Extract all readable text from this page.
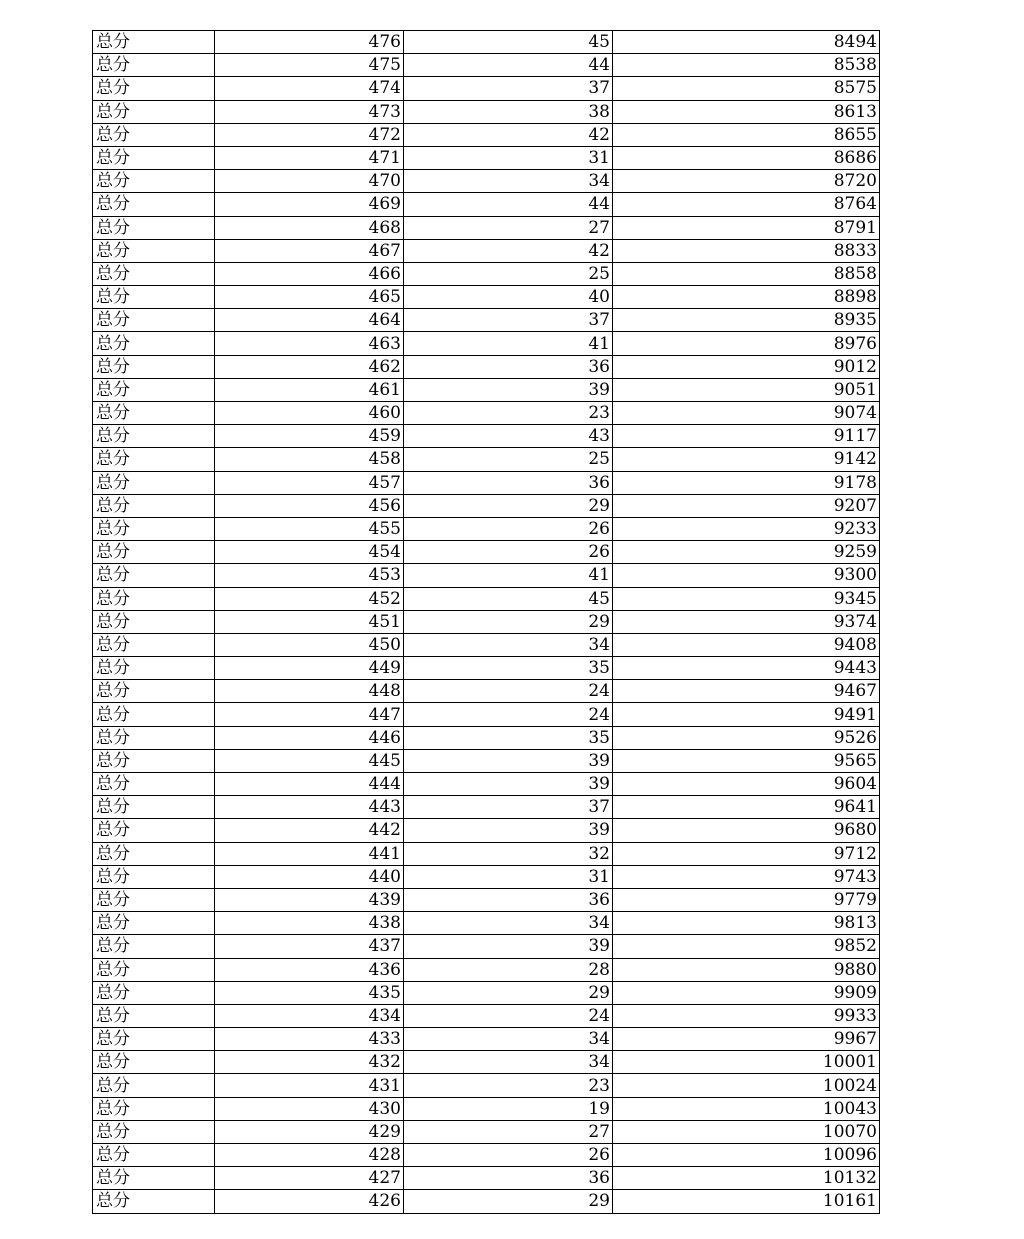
总分	476	45	8494
总分	475	44	8538
总分	474	37	8575
总分	473	38	8613
总分	472	42	8655
总分	471	31	8686
总分	470	34	8720
总分	469	44	8764
总分	468	27	8791
总分	467	42	8833
总分	466	25	8858
总分	465	40	8898
总分	464	37	8935
总分	463	41	8976
总分	462	36	9012
总分	461	39	9051
总分	460	23	9074
总分	459	43	9117
总分	458	25	9142
总分	457	36	9178
总分	456	29	9207
总分	455	26	9233
总分	454	26	9259
总分	453	41	9300
总分	452	45	9345
总分	451	29	9374
总分	450	34	9408
总分	449	35	9443
总分	448	24	9467
总分	447	24	9491
总分	446	35	9526
总分	445	39	9565
总分	444	39	9604
总分	443	37	9641
总分	442	39	9680
总分	441	32	9712
总分	440	31	9743
总分	439	36	9779
总分	438	34	9813
总分	437	39	9852
总分	436	28	9880
总分	435	29	9909
总分	434	24	9933
总分	433	34	9967
总分	432	34	10001
总分	431	23	10024
总分	430	19	10043
总分	429	27	10070
总分	428	26	10096
总分	427	36	10132
总分	426	29	10161
